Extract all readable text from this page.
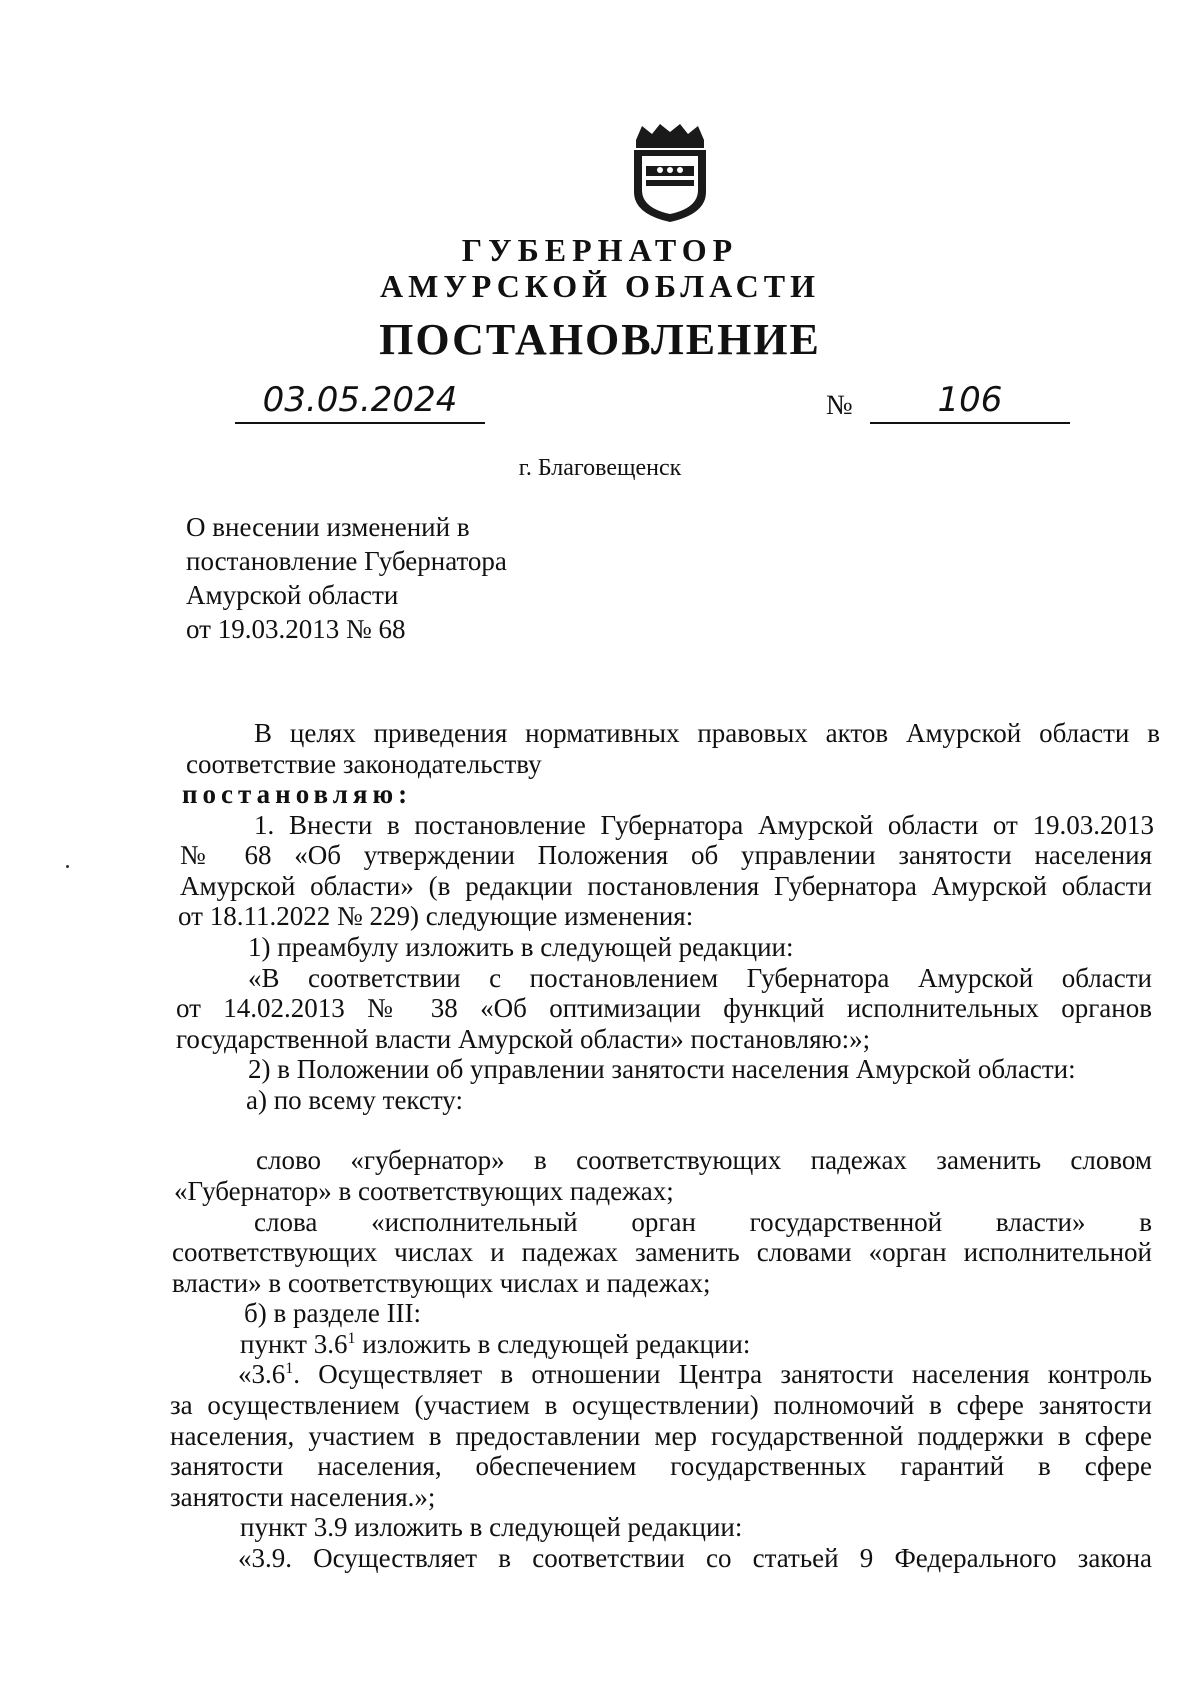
ГУБЕРНАТОР
АМУРСКОЙ ОБЛАСТИ
ПОСТАНОВЛЕНИЕ
03.05.2024	№	106
г. Благовещенск
О внесении изменений в
постановление Губернатора
Амурской области
от 19.03.2013 № 68
В целях приведения нормативных правовых актов Амурской области в
соответствие законодательству
постановляю:
1. Внести в постановление Губернатора Амурской области от 19.03.2013
№ 68 «Об утверждении Положения об управлении занятости населения
Амурской области» (в редакции постановления Губернатора Амурской области
от 18.11.2022 № 229) следующие изменения:
1) преамбулу изложить в следующей редакции:
«В соответствии с постановлением Губернатора Амурской области
от 14.02.2013 № 38 «Об оптимизации функций исполнительных органов
государственной власти Амурской области» постановляю:»;
2) в Положении об управлении занятости населения Амурской области:
а) по всему тексту:
слово «губернатор» в соответствующих падежах заменить словом
«Губернатор» в соответствующих падежах;
слова «исполнительный орган государственной власти» в
соответствующих числах и падежах заменить словами «орган исполнительной
власти» в соответствующих числах и падежах;
б) в разделе III:
пункт $3.6^1$ изложить в следующей редакции:
«$3.6^1$. Осуществляет в отношении Центра занятости населения контроль
за осуществлением (участием в осуществлении) полномочий в сфере занятости
населения, участием в предоставлении мер государственной поддержки в сфере
занятости населения, обеспечением государственных гарантий в сфере
занятости населения.»;
пункт 3.9 изложить в следующей редакции:
«3.9. Осуществляет в соответствии со статьей 9 Федерального закона
